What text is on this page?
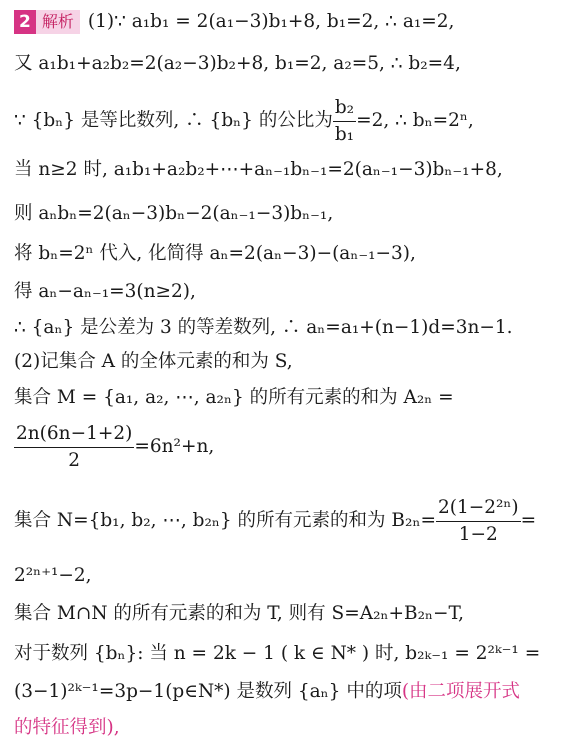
2 解析 (1)∵ a₁b₁ = 2(a₁−3)b₁+8, b₁=2, ∴ a₁=2,
又 a₁b₁+a₂b₂=2(a₂−3)b₂+8, b₁=2, a₂=5, ∴ b₂=4,
∵ {bₙ} 是等比数列, ∴ {bₙ} 的公比为 $\frac{\text{b₂}}{\text{b₁}} =2$, ∴ bₙ=2ⁿ,
当 n≥2 时, a₁b₁+a₂b₂+⋯+aₙ₋₁bₙ₋₁=2(aₙ₋₁−3)bₙ₋₁+8,
则 aₙbₙ=2(aₙ−3)bₙ−2(aₙ₋₁−3)bₙ₋₁,
将 bₙ=2ⁿ 代入, 化简得 aₙ=2(aₙ−3)−(aₙ₋₁−3),
得 aₙ−aₙ₋₁=3(n≥2),
∴ {aₙ} 是公差为 3 的等差数列, ∴ aₙ=a₁+(n−1)d=3n−1.
(2)记集合 A 的全体元素的和为 S,
集合 M = {a₁, a₂, ⋯, a₂ₙ} 的所有元素的和为 A₂ₙ =
$\frac{2n(6n-1+2)}{2} =6n^2+n$,
集合 N={b₁, b₂, ⋯, b₂ₙ} 的所有元素的和为 $B_{2n}= \frac{\text{2(1−2²ⁿ)}}{1-2}$ =
2²ⁿ⁺¹−2,
集合 M∩N 的所有元素的和为 T, 则有 S=A₂ₙ+B₂ₙ−T,
对于数列 {bₙ}: 当 n = 2k − 1 ( k ∈ N* ) 时, b₂ₖ₋₁ = 2²ᵏ⁻¹ =
(3−1)²ᵏ⁻¹=3p−1(p∈N*) 是数列 {aₙ} 中的项(由二项展开式
的特征得到),
